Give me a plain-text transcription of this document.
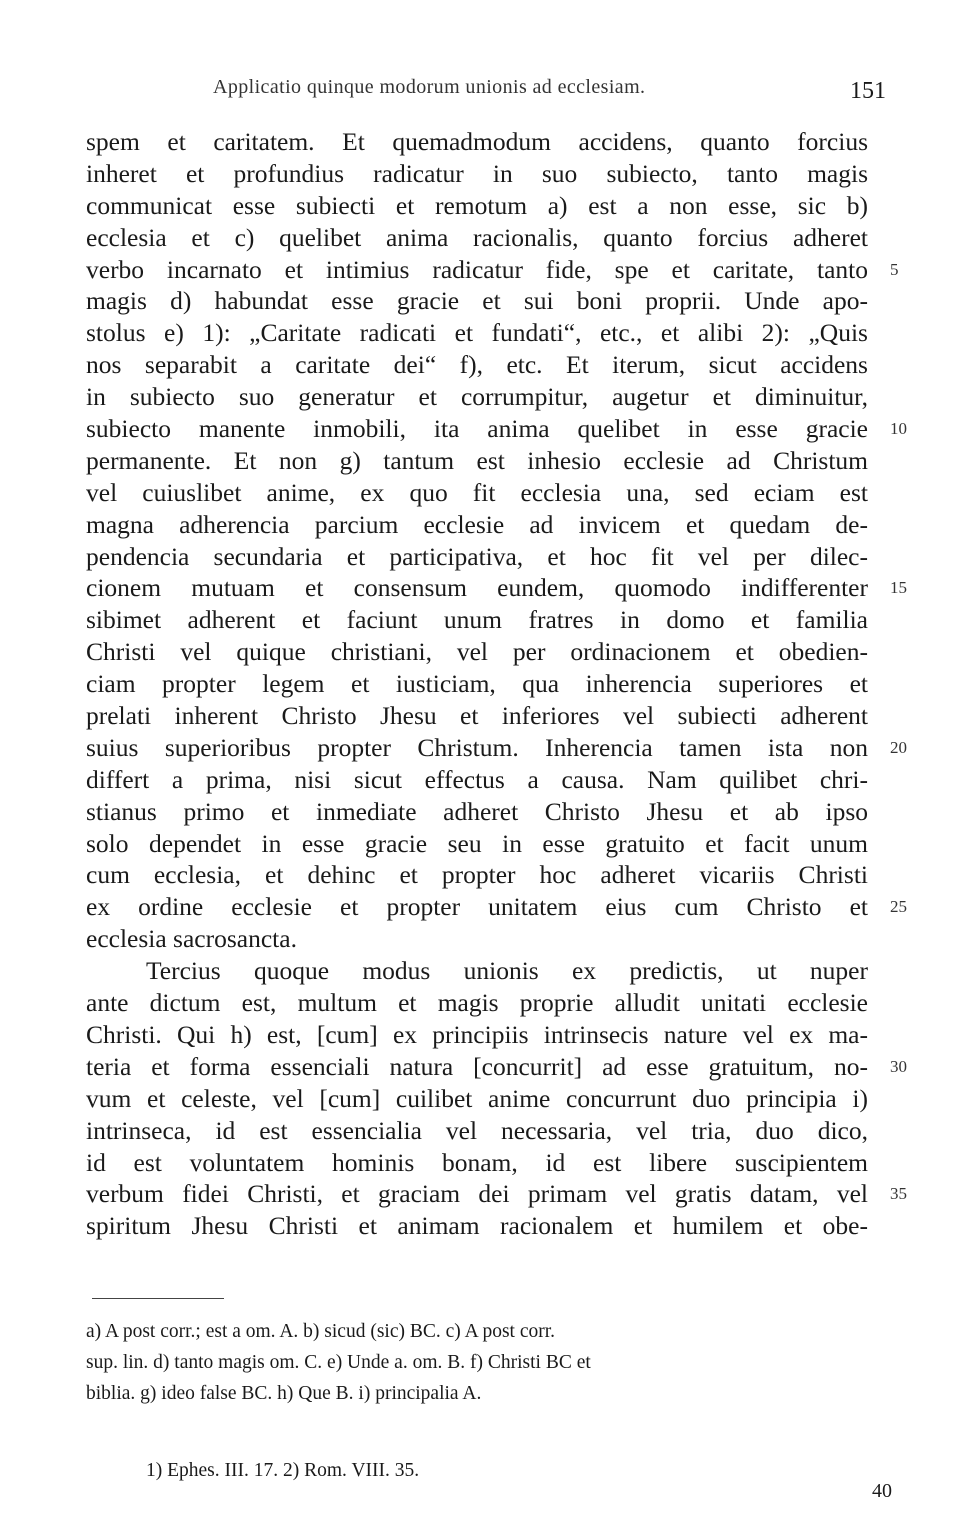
Applicatio quinque modorum unionis ad ecclesiam.	151
spem et caritatem. Et quemadmodum accidens, quanto forcius
inheret et profundius radicatur in suo subiecto, tanto magis
communicat esse subiecti et remotum a) est a non esse, sic b)
ecclesia et c) quelibet anima racionalis, quanto forcius adheret
verbo incarnato et intimius radicatur fide, spe et caritate, tanto 5
magis d) habundat esse gracie et sui boni proprii. Unde apo-
stolus e) 1): „Caritate radicati et fundati“, etc., et alibi 2): „Quis
nos separabit a caritate dei“ f), etc. Et iterum, sicut accidens
in subiecto suo generatur et corrumpitur, augetur et diminuitur,
subiecto manente inmobili, ita anima quelibet in esse gracie 10
permanente. Et non g) tantum est inhesio ecclesie ad Christum
vel cuiuslibet anime, ex quo fit ecclesia una, sed eciam est
magna adherencia parcium ecclesie ad invicem et quedam de-
pendencia secundaria et participativa, et hoc fit vel per dilec-
cionem mutuam et consensum eundem, quomodo indifferenter 15
sibimet adherent et faciunt unum fratres in domo et familia
Christi vel quique christiani, vel per ordinacionem et obedien-
ciam propter legem et iusticiam, qua inherencia superiores et
prelati inherent Christo Jhesu et inferiores vel subiecti adherent
suius superioribus propter Christum. Inherencia tamen ista non 20
differt a prima, nisi sicut effectus a causa. Nam quilibet chri-
stianus primo et inmediate adheret Christo Jhesu et ab ipso
solo dependet in esse gracie seu in esse gratuito et facit unum
cum ecclesia, et dehinc et propter hoc adheret vicariis Christi
ex ordine ecclesie et propter unitatem eius cum Christo et 25
ecclesia sacrosancta.
Tercius quoque modus unionis ex predictis, ut nuper
ante dictum est, multum et magis proprie alludit unitati ecclesie
Christi. Qui h) est, [cum] ex principiis intrinsecis nature vel ex ma-
teria et forma essenciali natura [concurrit] ad esse gratuitum, no- 30
vum et celeste, vel [cum] cuilibet anime concurrunt duo principia i)
intrinseca, id est essencialia vel necessaria, vel tria, duo dico,
id est voluntatem hominis bonam, id est libere suscipientem
verbum fidei Christi, et graciam dei primam vel gratis datam, vel 35
spiritum Jhesu Christi et animam racionalem et humilem et obe-
a) A post corr.; est a om. A. b) sicud (sic) BC. c) A post corr.
sup. lin. d) tanto magis om. C. e) Unde a. om. B. f) Christi BC et
biblia. g) ideo false BC. h) Que B. i) principalia A.
1) Ephes. III. 17. 2) Rom. VIII. 35.
40
